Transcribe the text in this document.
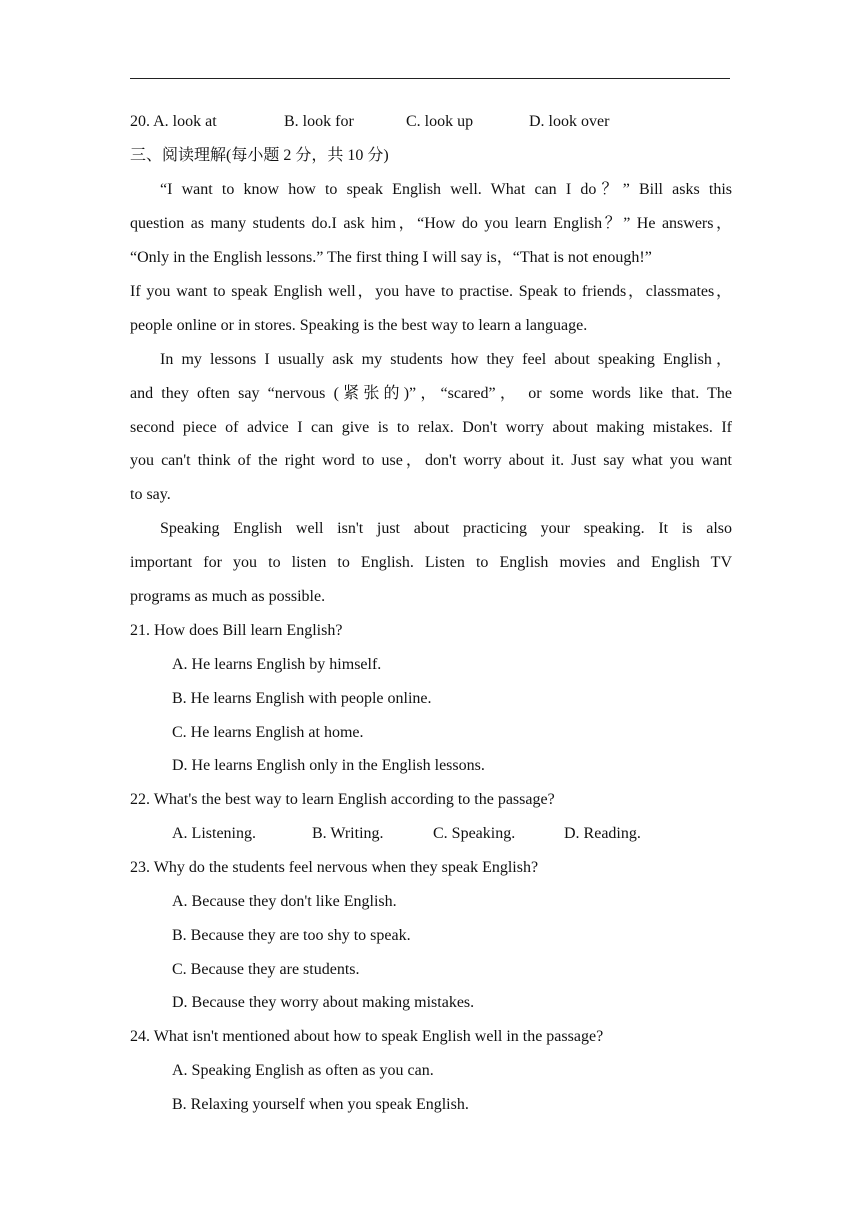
20. A. look at	B. look for	C. look up	D. look over
三、阅读理解(每小题 2 分，共 10 分)
“I want to know how to speak English well. What can I do？” Bill asks this
question as many students do.I ask him，“How do you learn English？” He answers，
“Only in the English lessons.” The first thing I will say is，“That is not enough!”
If you want to speak English well，you have to practise. Speak to friends，classmates，
people online or in stores. Speaking is the best way to learn a language.
In my lessons I usually ask my students how they feel about speaking English，
and they often say “nervous (紧张的)”，“scared”， or some words like that. The
second piece of advice I can give is to relax. Don't worry about making mistakes. If
you can't think of the right word to use，don't worry about it. Just say what you want
to say.
Speaking English well isn't just about practicing your speaking. It is also
important for you to listen to English. Listen to English movies and English TV
programs as much as possible.
21. How does Bill learn English?
A. He learns English by himself.
B. He learns English with people online.
C. He learns English at home.
D. He learns English only in the English lessons.
22. What's the best way to learn English according to the passage?
A. Listening.	B. Writing.	C. Speaking.	D. Reading.
23. Why do the students feel nervous when they speak English?
A. Because they don't like English.
B. Because they are too shy to speak.
C. Because they are students.
D. Because they worry about making mistakes.
24. What isn't mentioned about how to speak English well in the passage?
A. Speaking English as often as you can.
B. Relaxing yourself when you speak English.
